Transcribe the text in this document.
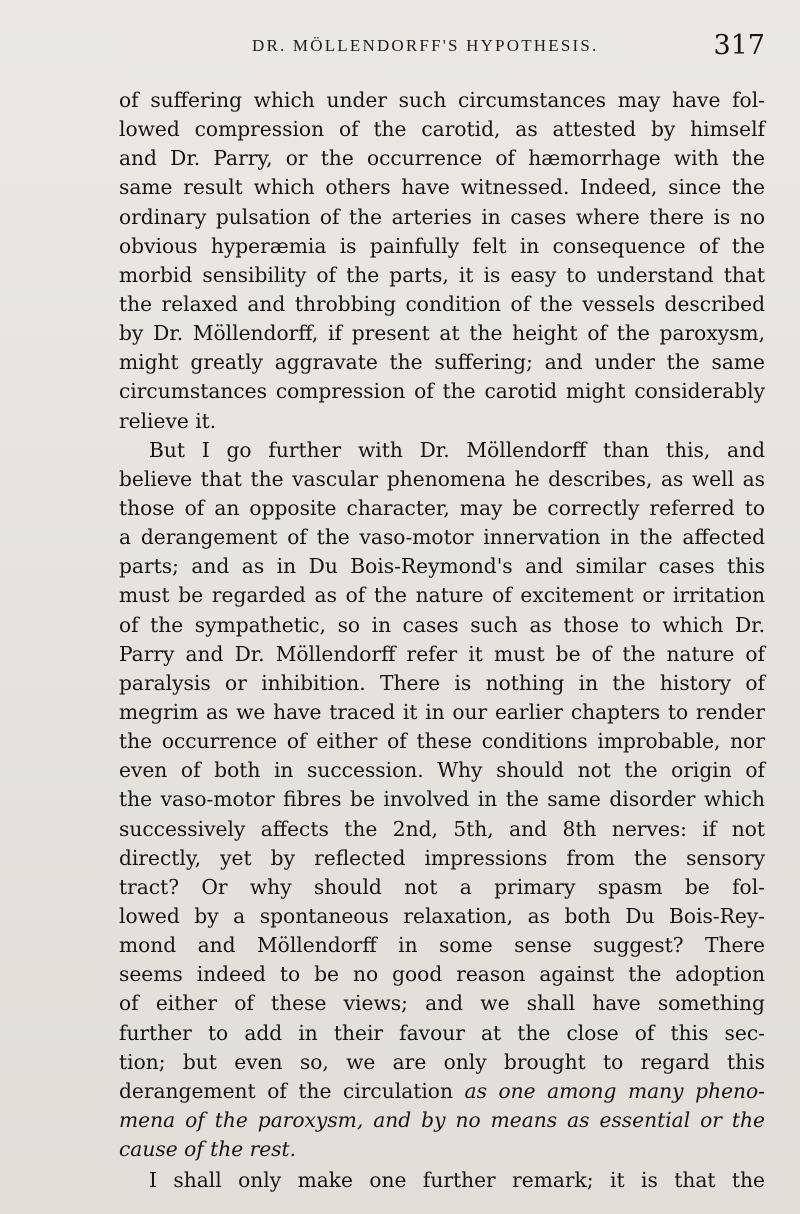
DR. MÖLLENDORFF'S HYPOTHESIS.	317
of suffering which under such circumstances may have fol-
lowed compression of the carotid, as attested by himself
and Dr. Parry, or the occurrence of hæmorrhage with the
same result which others have witnessed. Indeed, since the
ordinary pulsation of the arteries in cases where there is no
obvious hyperæmia is painfully felt in consequence of the
morbid sensibility of the parts, it is easy to understand that
the relaxed and throbbing condition of the vessels described
by Dr. Möllendorff, if present at the height of the paroxysm,
might greatly aggravate the suffering; and under the same
circumstances compression of the carotid might considerably
relieve it.
But I go further with Dr. Möllendorff than this, and
believe that the vascular phenomena he describes, as well as
those of an opposite character, may be correctly referred to
a derangement of the vaso-motor innervation in the affected
parts; and as in Du Bois-Reymond's and similar cases this
must be regarded as of the nature of excitement or irritation
of the sympathetic, so in cases such as those to which Dr.
Parry and Dr. Möllendorff refer it must be of the nature of
paralysis or inhibition. There is nothing in the history of
megrim as we have traced it in our earlier chapters to render
the occurrence of either of these conditions improbable, nor
even of both in succession. Why should not the origin of
the vaso-motor fibres be involved in the same disorder which
successively affects the 2nd, 5th, and 8th nerves: if not
directly, yet by reflected impressions from the sensory
tract? Or why should not a primary spasm be fol-
lowed by a spontaneous relaxation, as both Du Bois-Rey-
mond and Möllendorff in some sense suggest? There
seems indeed to be no good reason against the adoption
of either of these views; and we shall have something
further to add in their favour at the close of this sec-
tion; but even so, we are only brought to regard this
derangement of the circulation as one among many pheno-
mena of the paroxysm, and by no means as essential or the
cause of the rest.
I shall only make one further remark; it is that the
